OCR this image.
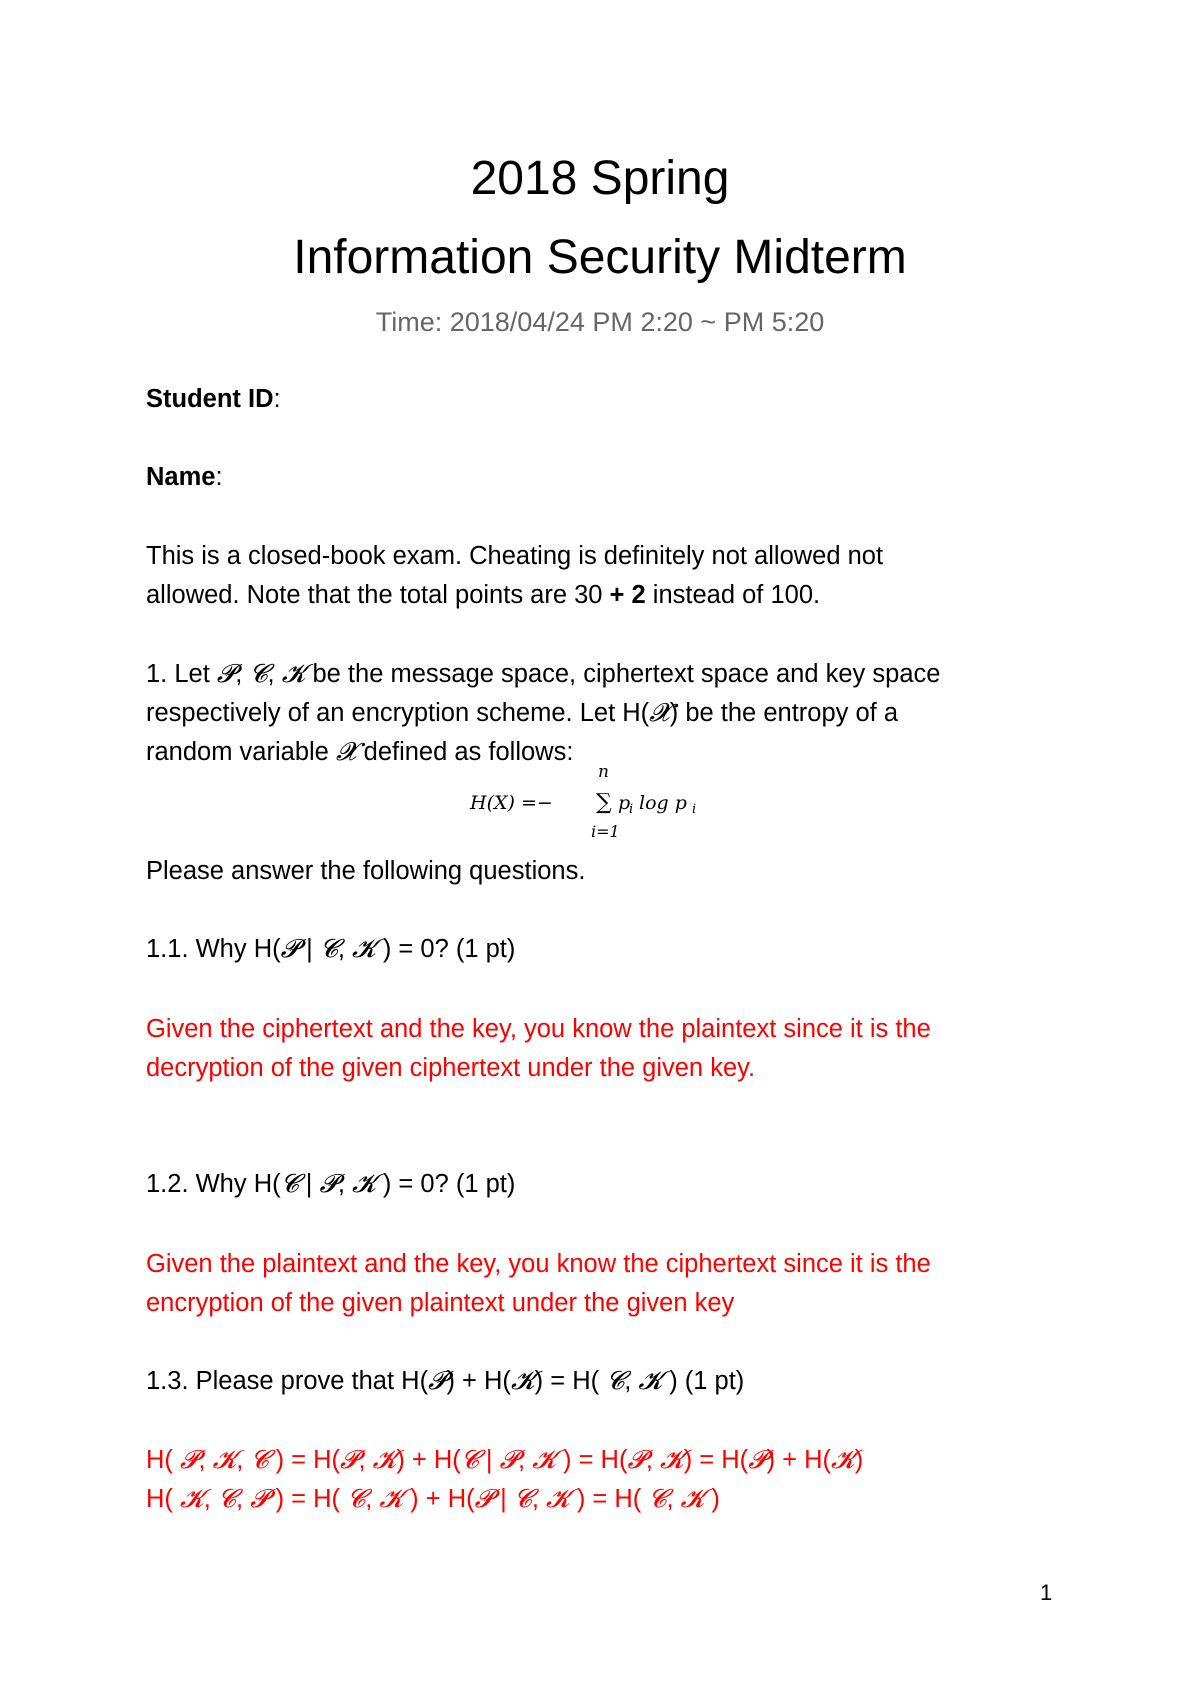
2018 Spring
Information Security Midterm
Time: 2018/04/24 PM 2:20 ~ PM 5:20
Student ID:
Name:
This is a closed-book exam. Cheating is definitely not allowed not
allowed. Note that the total points are 30 + 2 instead of 100.
1. Let 𝓟, 𝓒, 𝓚 be the message space, ciphertext space and key space
respectively of an encryption scheme. Let H(𝓧) be the entropy of a
random variable 𝓧 defined as follows:
n
H(X) =− ∑ p
i log p i
i=1
Please answer the following questions.
1.1. Why H(𝓟 | 𝓒, 𝓚 ) = 0? (1 pt)
Given the ciphertext and the key, you know the plaintext since it is the
decryption of the given ciphertext under the given key.
1.2. Why H(𝓒 | 𝓟, 𝓚 ) = 0? (1 pt)
Given the plaintext and the key, you know the ciphertext since it is the
encryption of the given plaintext under the given key
1.3. Please prove that H(𝓟) + H(𝓚) = H( 𝓒, 𝓚 ) (1 pt)
H( 𝓟, 𝓚, 𝓒 ) = H(𝓟, 𝓚) + H(𝓒 | 𝓟, 𝓚 ) = H(𝓟, 𝓚) = H(𝓟) + H(𝓚)
H( 𝓚, 𝓒, 𝓟 ) = H( 𝓒, 𝓚 ) + H(𝓟 | 𝓒, 𝓚 ) = H( 𝓒, 𝓚 )
1
